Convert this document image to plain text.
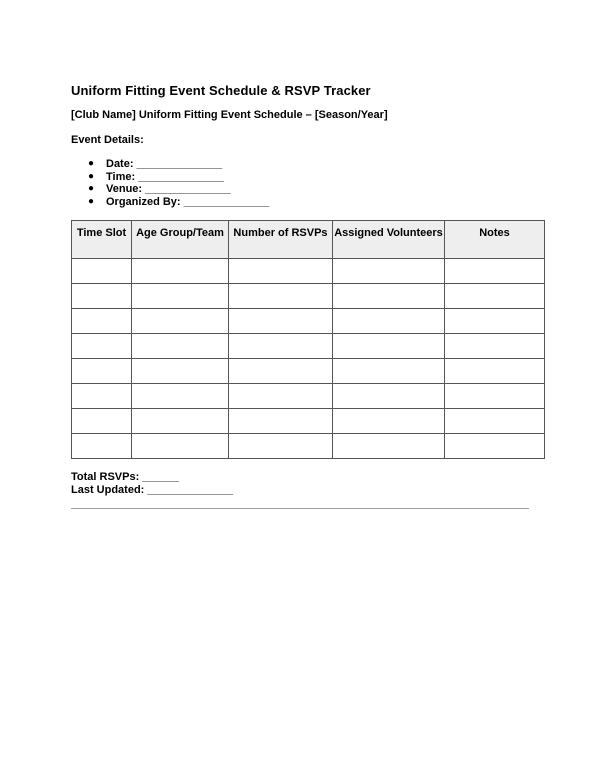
Uniform Fitting Event Schedule & RSVP Tracker
[Club Name] Uniform Fitting Event Schedule – [Season/Year]
Event Details:
● Date: ______________
● Time: ______________
● Venue: ______________
● Organized By: ______________
Time Slot	Age Group/Team	Number of RSVPs	Assigned Volunteers	Notes

Total RSVPs: ______
Last Updated: ______________
